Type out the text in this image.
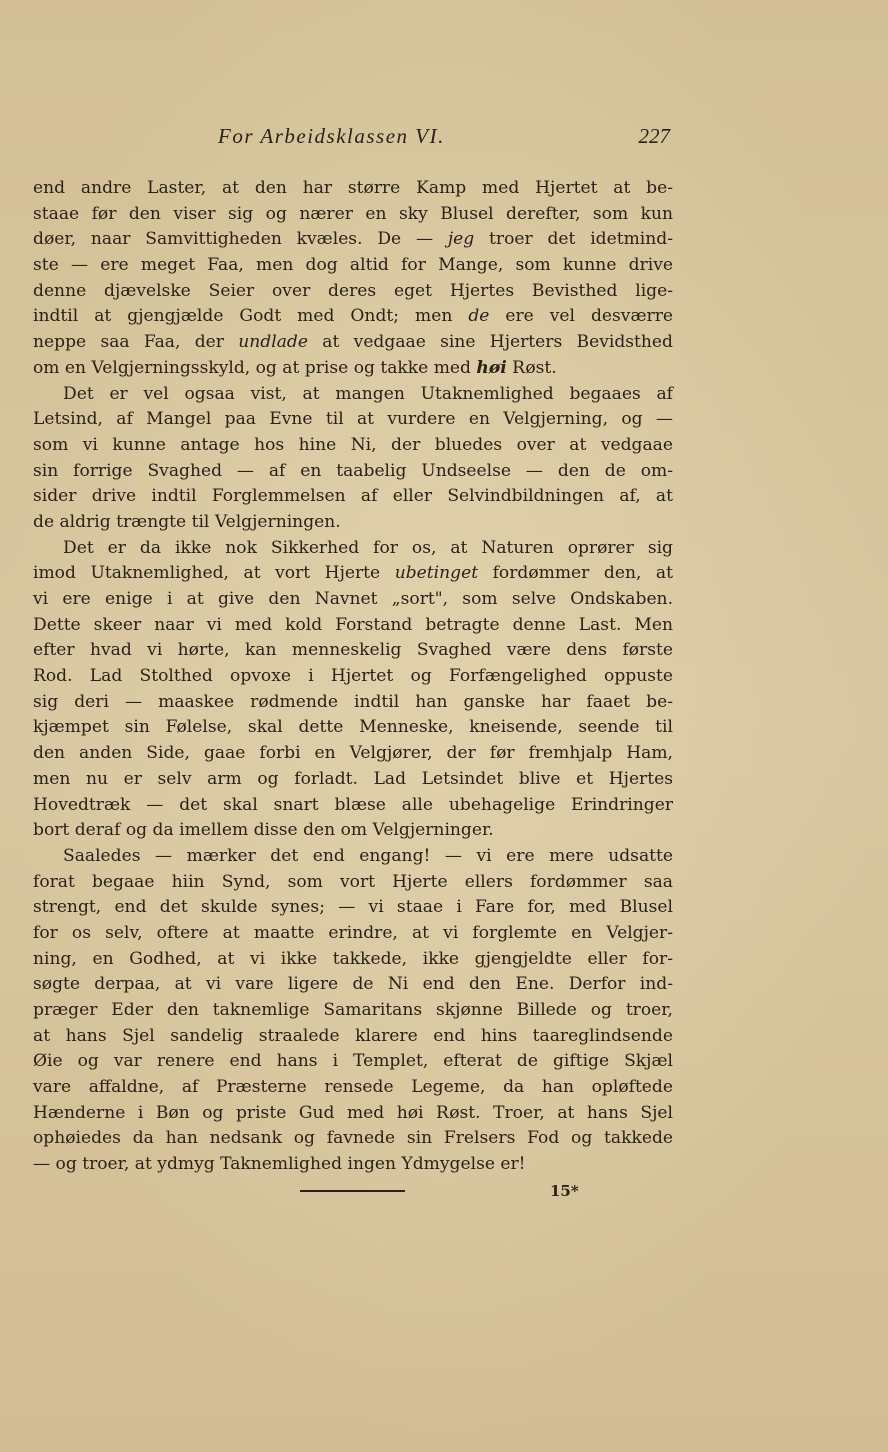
For Arbeidsklassen VI.	227
end andre Laster, at den har større Kamp med Hjertet at be-
staae før den viser sig og nærer en sky Blusel derefter, som kun
døer, naar Samvittigheden kvæles. De — jeg troer det idetmind-
ste — ere meget Faa, men dog altid for Mange, som kunne drive
denne djævelske Seier over deres eget Hjertes Bevisthed lige-
indtil at gjengjælde Godt med Ondt; men de ere vel desværre
neppe saa Faa, der undlade at vedgaae sine Hjerters Bevidsthed
om en Velgjerningsskyld, og at prise og takke med høi Røst.
Det er vel ogsaa vist, at mangen Utaknemlighed begaaes af
Letsind, af Mangel paa Evne til at vurdere en Velgjerning, og —
som vi kunne antage hos hine Ni, der bluedes over at vedgaae
sin forrige Svaghed — af en taabelig Undseelse — den de om-
sider drive indtil Forglemmelsen af eller Selvindbildningen af, at
de aldrig trængte til Velgjerningen.
Det er da ikke nok Sikkerhed for os, at Naturen oprører sig
imod Utaknemlighed, at vort Hjerte ubetinget fordømmer den, at
vi ere enige i at give den Navnet „sort", som selve Ondskaben.
Dette skeer naar vi med kold Forstand betragte denne Last. Men
efter hvad vi hørte, kan menneskelig Svaghed være dens første
Rod. Lad Stolthed opvoxe i Hjertet og Forfængelighed oppuste
sig deri — maaskee rødmende indtil han ganske har faaet be-
kjæmpet sin Følelse, skal dette Menneske, kneisende, seende til
den anden Side, gaae forbi en Velgjører, der før fremhjalp Ham,
men nu er selv arm og forladt. Lad Letsindet blive et Hjertes
Hovedtræk — det skal snart blæse alle ubehagelige Erindringer
bort deraf og da imellem disse den om Velgjerninger.
Saaledes — mærker det end engang! — vi ere mere udsatte
forat begaae hiin Synd, som vort Hjerte ellers fordømmer saa
strengt, end det skulde synes; — vi staae i Fare for, med Blusel
for os selv, oftere at maatte erindre, at vi forglemte en Velgjer-
ning, en Godhed, at vi ikke takkede, ikke gjengjeldte eller for-
søgte derpaa, at vi vare ligere de Ni end den Ene. Derfor ind-
præger Eder den taknemlige Samaritans skjønne Billede og troer,
at hans Sjel sandelig straalede klarere end hins taareglindsende
Øie og var renere end hans i Templet, efterat de giftige Skjæl
vare affaldne, af Præsterne rensede Legeme, da han opløftede
Hænderne i Bøn og priste Gud med høi Røst. Troer, at hans Sjel
ophøiedes da han nedsank og favnede sin Frelsers Fod og takkede
— og troer, at ydmyg Taknemlighed ingen Ydmygelse er!
15*
